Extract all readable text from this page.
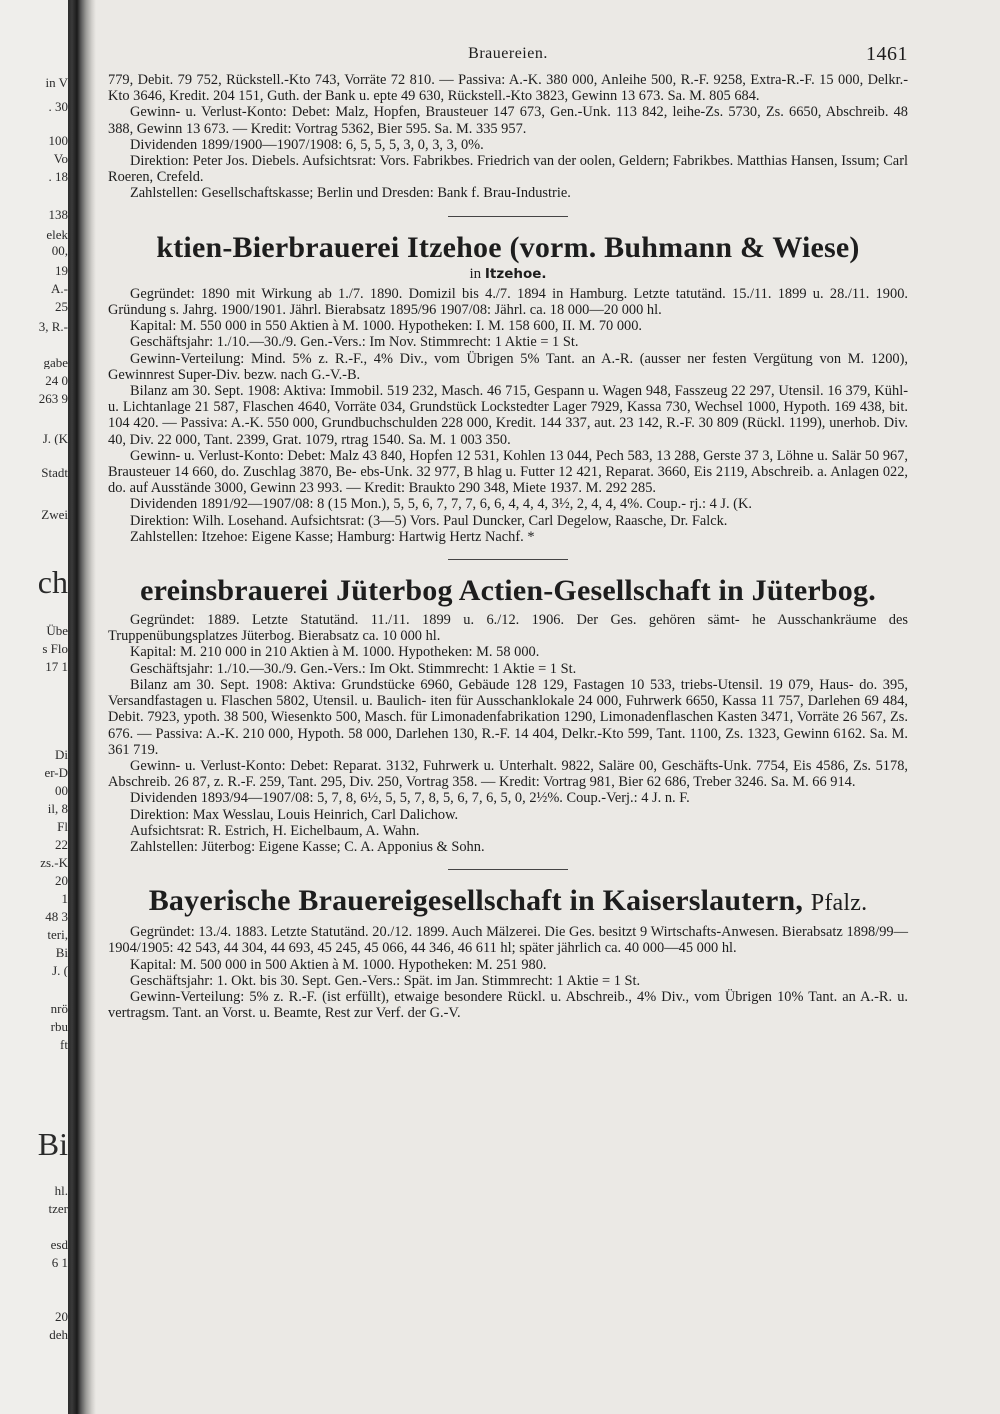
in V
. 30
100
Vo
. 18
138
elek
00,
19
A.-
25
3, R.-
gabe
24 0
263 9
J. (K
Stadt
Zwei
ch
Übe
s Flo
17 1
Di
er-D
00
il, 8
Fl
22
zs.-K
20
1
48 3
teri,
Bi
J. (
nrö
rbu
ft
Bi
hl.
tzer
esd
6 1
20
deh
Brauereien.	1461

779, Debit. 79 752, Rückstell.-Kto 743, Vorräte 72 810. — Passiva: A.-K. 380 000, Anleihe 500, R.-F. 9258, Extra-R.-F. 15 000, Delkr.-Kto 3646, Kredit. 204 151, Guth. der Bank u. epte 49 630, Rückstell.-Kto 3823, Gewinn 13 673. Sa. M. 805 684.

Gewinn- u. Verlust-Konto: Debet: Malz, Hopfen, Brausteuer 147 673, Gen.-Unk. 113 842, leihe-Zs. 5730, Zs. 6650, Abschreib. 48 388, Gewinn 13 673. — Kredit: Vortrag 5362, Bier 595. Sa. M. 335 957.

Dividenden 1899/1900—1907/1908: 6, 5, 5, 5, 3, 0, 3, 3, 0%.

Direktion: Peter Jos. Diebels. Aufsichtsrat: Vors. Fabrikbes. Friedrich van der oolen, Geldern; Fabrikbes. Matthias Hansen, Issum; Carl Roeren, Crefeld.

Zahlstellen: Gesellschaftskasse; Berlin und Dresden: Bank f. Brau-Industrie.

ktien-Bierbrauerei Itzehoe (vorm. Buhmann & Wiese)
in Itzehoe.

Gegründet: 1890 mit Wirkung ab 1./7. 1890. Domizil bis 4./7. 1894 in Hamburg. Letzte tatutänd. 15./11. 1899 u. 28./11. 1900. Gründung s. Jahrg. 1900/1901. Jährl. Bierabsatz 1895/96 1907/08: Jährl. ca. 18 000—20 000 hl.

Kapital: M. 550 000 in 550 Aktien à M. 1000. Hypotheken: I. M. 158 600, II. M. 70 000.

Geschäftsjahr: 1./10.—30./9. Gen.-Vers.: Im Nov. Stimmrecht: 1 Aktie = 1 St.

Gewinn-Verteilung: Mind. 5% z. R.-F., 4% Div., vom Übrigen 5% Tant. an A.-R. (ausser ner festen Vergütung von M. 1200), Gewinnrest Super-Div. bezw. nach G.-V.-B.

Bilanz am 30. Sept. 1908: Aktiva: Immobil. 519 232, Masch. 46 715, Gespann u. Wagen 948, Fasszeug 22 297, Utensil. 16 379, Kühl- u. Lichtanlage 21 587, Flaschen 4640, Vorräte 034, Grundstück Lockstedter Lager 7929, Kassa 730, Wechsel 1000, Hypoth. 169 438, bit. 104 420. — Passiva: A.-K. 550 000, Grundbuchschulden 228 000, Kredit. 144 337, aut. 23 142, R.-F. 30 809 (Rückl. 1199), unerhob. Div. 40, Div. 22 000, Tant. 2399, Grat. 1079, rtrag 1540. Sa. M. 1 003 350.

Gewinn- u. Verlust-Konto: Debet: Malz 43 840, Hopfen 12 531, Kohlen 13 044, Pech 583, 13 288, Gerste 37 3, Löhne u. Salär 50 967, Brausteuer 14 660, do. Zuschlag 3870, Be- ebs-Unk. 32 977, B hlag u. Futter 12 421, Reparat. 3660, Eis 2119, Abschreib. a. Anlagen 022, do. auf Ausstände 3000, Gewinn 23 993. — Kredit: Braukto 290 348, Miete 1937. M. 292 285.

Dividenden 1891/92—1907/08: 8 (15 Mon.), 5, 5, 6, 7, 7, 7, 6, 6, 4, 4, 4, 3½, 2, 4, 4, 4%. Coup.- rj.: 4 J. (K.

Direktion: Wilh. Losehand. Aufsichtsrat: (3—5) Vors. Paul Duncker, Carl Degelow, Raasche, Dr. Falck.

Zahlstellen: Itzehoe: Eigene Kasse; Hamburg: Hartwig Hertz Nachf. *

ereinsbrauerei Jüterbog Actien-Gesellschaft in Jüterbog.

Gegründet: 1889. Letzte Statutänd. 11./11. 1899 u. 6./12. 1906. Der Ges. gehören sämt- he Ausschankräume des Truppenübungsplatzes Jüterbog. Bierabsatz ca. 10 000 hl.

Kapital: M. 210 000 in 210 Aktien à M. 1000. Hypotheken: M. 58 000.

Geschäftsjahr: 1./10.—30./9. Gen.-Vers.: Im Okt. Stimmrecht: 1 Aktie = 1 St.

Bilanz am 30. Sept. 1908: Aktiva: Grundstücke 6960, Gebäude 128 129, Fastagen 10 533, triebs-Utensil. 19 079, Haus- do. 395, Versandfastagen u. Flaschen 5802, Utensil. u. Baulich- iten für Ausschanklokale 24 000, Fuhrwerk 6650, Kassa 11 757, Darlehen 69 484, Debit. 7923, ypoth. 38 500, Wiesenkto 500, Masch. für Limonadenfabrikation 1290, Limonadenflaschen Kasten 3471, Vorräte 26 567, Zs. 676. — Passiva: A.-K. 210 000, Hypoth. 58 000, Darlehen 130, R.-F. 14 404, Delkr.-Kto 599, Tant. 1100, Zs. 1323, Gewinn 6162. Sa. M. 361 719.

Gewinn- u. Verlust-Konto: Debet: Reparat. 3132, Fuhrwerk u. Unterhalt. 9822, Saläre 00, Geschäfts-Unk. 7754, Eis 4586, Zs. 5178, Abschreib. 26 87, z. R.-F. 259, Tant. 295, Div. 250, Vortrag 358. — Kredit: Vortrag 981, Bier 62 686, Treber 3246. Sa. M. 66 914.

Dividenden 1893/94—1907/08: 5, 7, 8, 6½, 5, 5, 7, 8, 5, 6, 7, 6, 5, 0, 2½%. Coup.-Verj.: 4 J. n. F.

Direktion: Max Wesslau, Louis Heinrich, Carl Dalichow.

Aufsichtsrat: R. Estrich, H. Eichelbaum, A. Wahn.

Zahlstellen: Jüterbog: Eigene Kasse; C. A. Apponius & Sohn.

Bayerische Brauereigesellschaft in Kaiserslautern, Pfalz.

Gegründet: 13./4. 1883. Letzte Statutänd. 20./12. 1899. Auch Mälzerei. Die Ges. besitzt 9 Wirtschafts-Anwesen. Bierabsatz 1898/99—1904/1905: 42 543, 44 304, 44 693, 45 245, 45 066, 44 346, 46 611 hl; später jährlich ca. 40 000—45 000 hl.

Kapital: M. 500 000 in 500 Aktien à M. 1000. Hypotheken: M. 251 980.

Geschäftsjahr: 1. Okt. bis 30. Sept. Gen.-Vers.: Spät. im Jan. Stimmrecht: 1 Aktie = 1 St.

Gewinn-Verteilung: 5% z. R.-F. (ist erfüllt), etwaige besondere Rückl. u. Abschreib., 4% Div., vom Übrigen 10% Tant. an A.-R. u. vertragsm. Tant. an Vorst. u. Beamte, Rest zur Verf. der G.-V.
